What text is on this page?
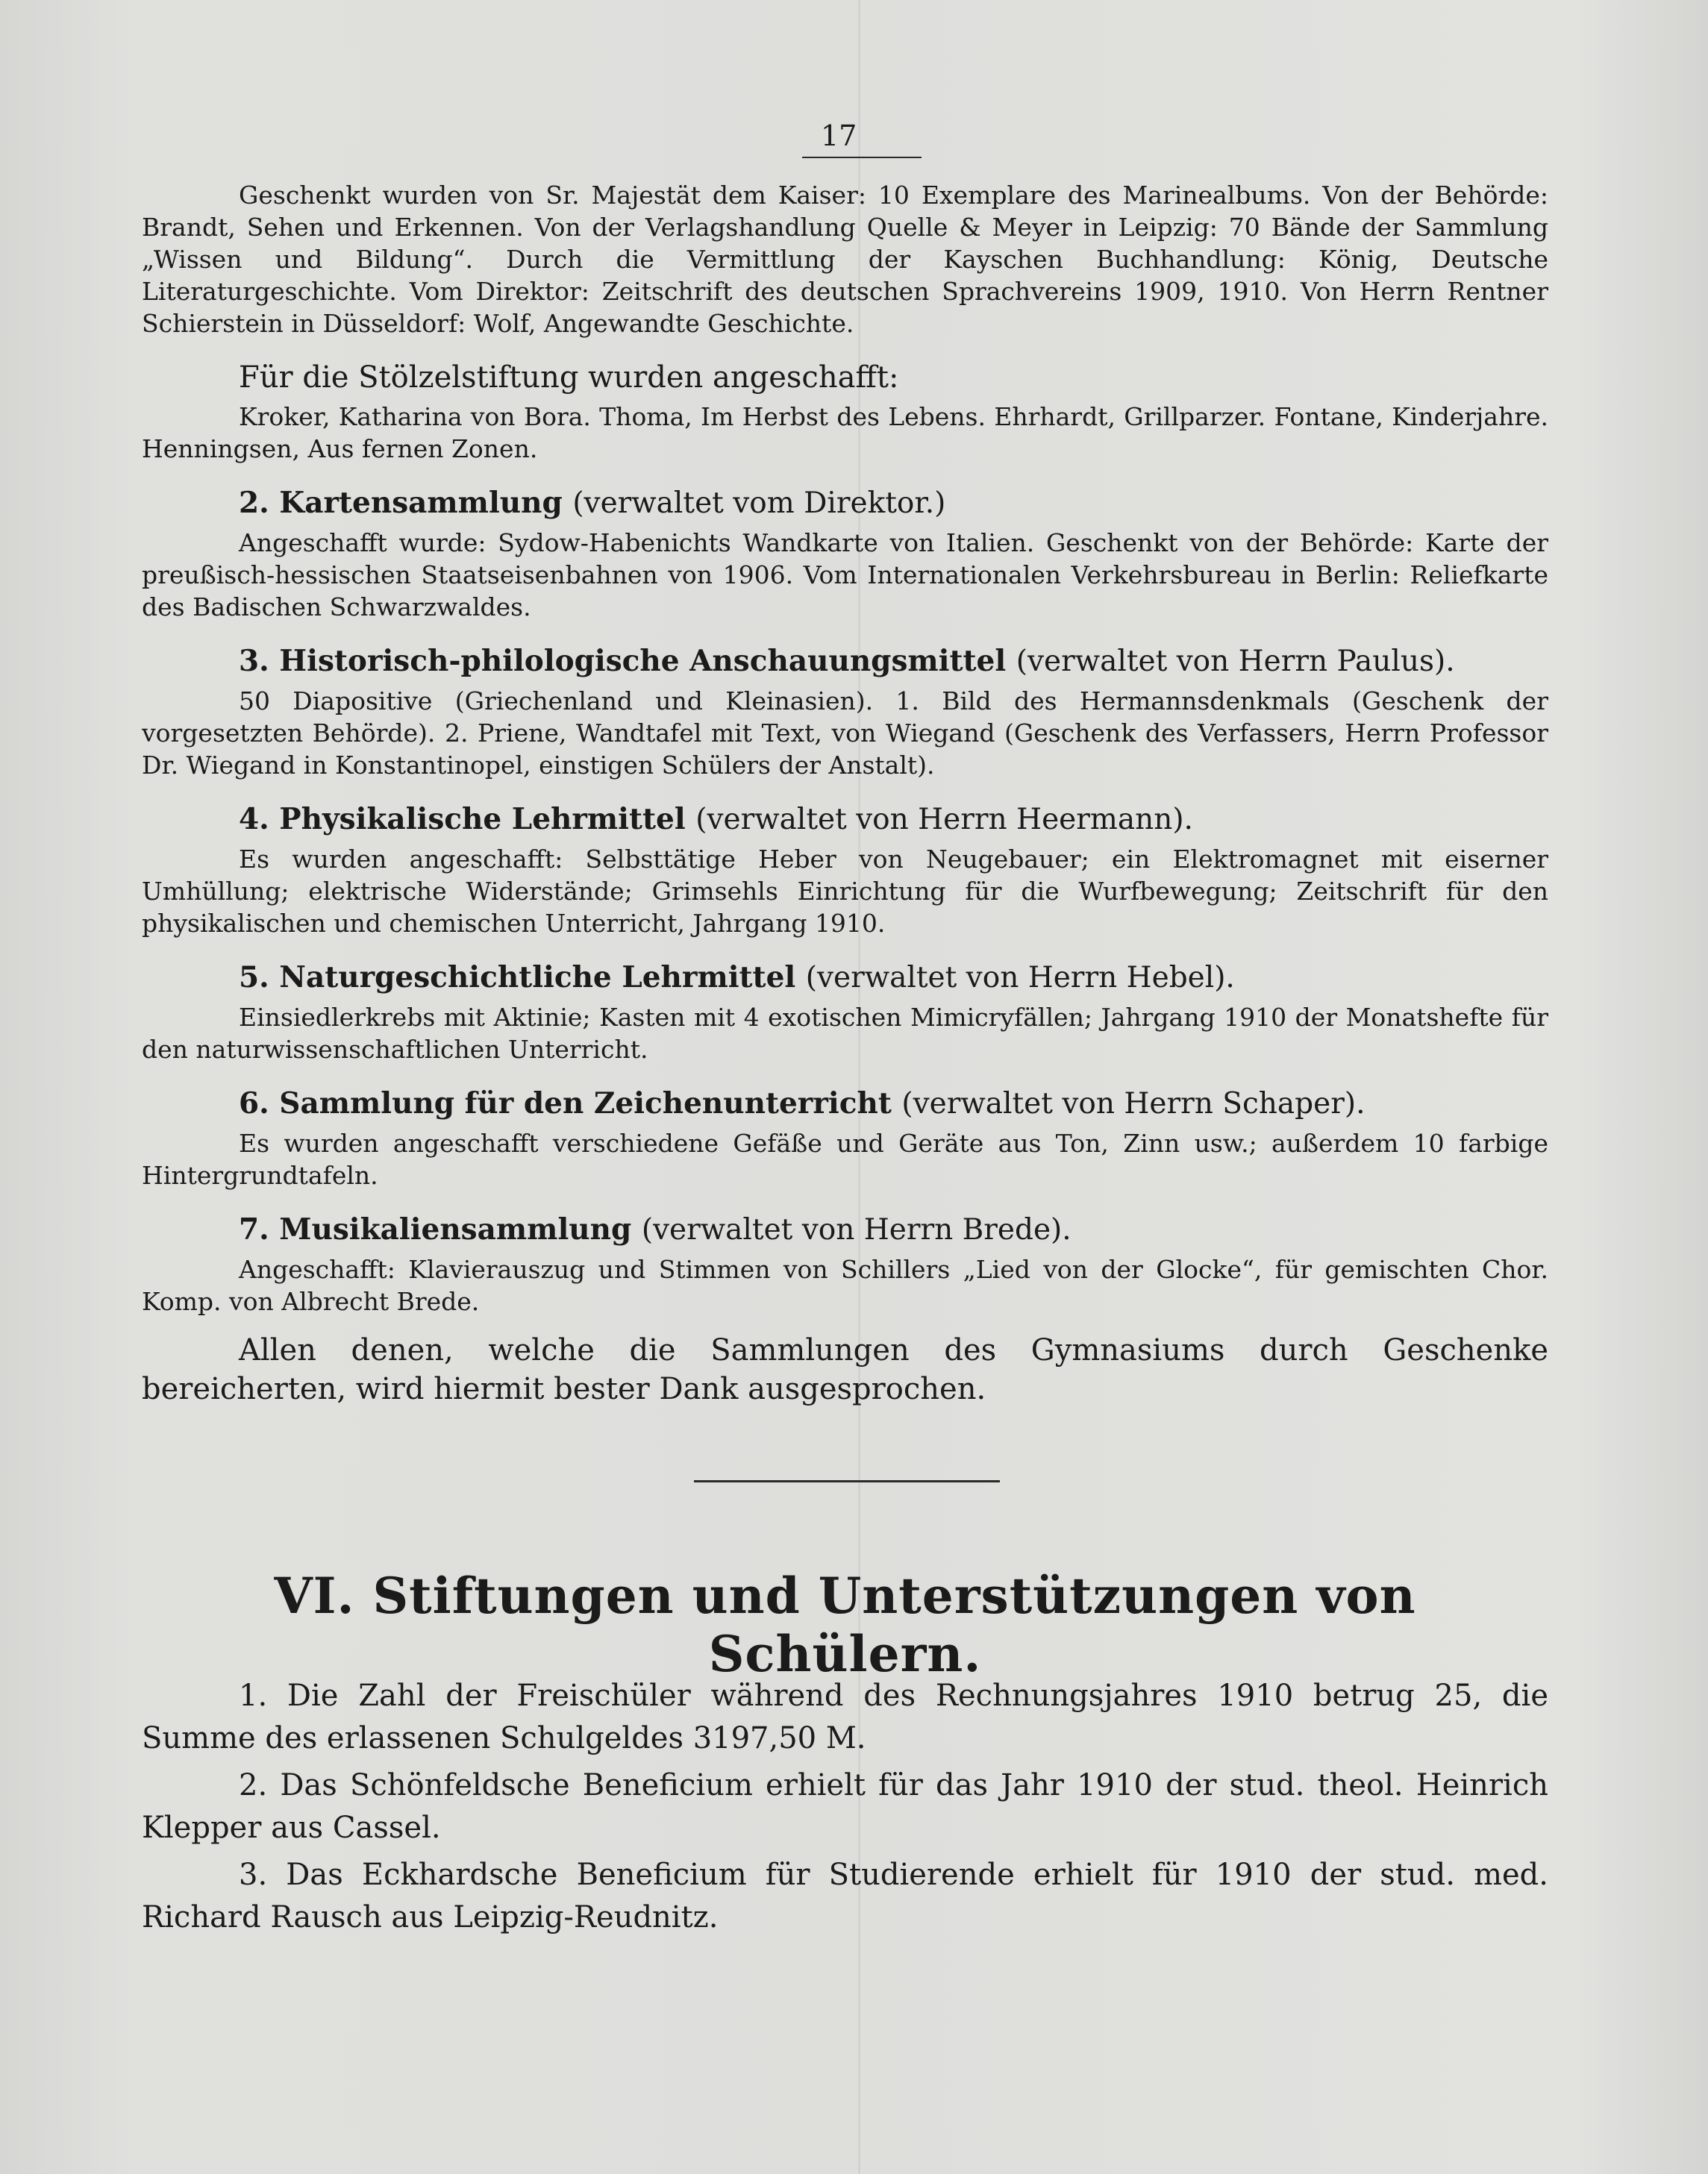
17

Geschenkt wurden von Sr. Majestät dem Kaiser: 10 Exemplare des Marinealbums. Von der Behörde: Brandt, Sehen und Erkennen. Von der Verlagshandlung Quelle & Meyer in Leipzig: 70 Bände der Sammlung „Wissen und Bildung“. Durch die Vermittlung der Kayschen Buchhandlung: König, Deutsche Literaturgeschichte. Vom Direktor: Zeitschrift des deutschen Sprachvereins 1909, 1910. Von Herrn Rentner Schierstein in Düsseldorf: Wolf, Angewandte Geschichte.

Für die Stölzelstiftung wurden angeschafft:

Kroker, Katharina von Bora. Thoma, Im Herbst des Lebens. Ehrhardt, Grillparzer. Fontane, Kinderjahre. Henningsen, Aus fernen Zonen.

2. Kartensammlung (verwaltet vom Direktor.)

Angeschafft wurde: Sydow-Habenichts Wandkarte von Italien. Geschenkt von der Behörde: Karte der preußisch-hessischen Staatseisenbahnen von 1906. Vom Internationalen Verkehrsbureau in Berlin: Reliefkarte des Badischen Schwarzwaldes.

3. Historisch-philologische Anschauungsmittel (verwaltet von Herrn Paulus).

50 Diapositive (Griechenland und Kleinasien). 1. Bild des Hermannsdenkmals (Geschenk der vorgesetzten Behörde). 2. Priene, Wandtafel mit Text, von Wiegand (Geschenk des Verfassers, Herrn Professor Dr. Wiegand in Konstantinopel, einstigen Schülers der Anstalt).

4. Physikalische Lehrmittel (verwaltet von Herrn Heermann).

Es wurden angeschafft: Selbsttätige Heber von Neugebauer; ein Elektromagnet mit eiserner Umhüllung; elektrische Widerstände; Grimsehls Einrichtung für die Wurfbewegung; Zeitschrift für den physikalischen und chemischen Unterricht, Jahrgang 1910.

5. Naturgeschichtliche Lehrmittel (verwaltet von Herrn Hebel).

Einsiedlerkrebs mit Aktinie; Kasten mit 4 exotischen Mimicryfällen; Jahrgang 1910 der Monatshefte für den naturwissenschaftlichen Unterricht.

6. Sammlung für den Zeichenunterricht (verwaltet von Herrn Schaper).

Es wurden angeschafft verschiedene Gefäße und Geräte aus Ton, Zinn usw.; außerdem 10 farbige Hintergrundtafeln.

7. Musikaliensammlung (verwaltet von Herrn Brede).

Angeschafft: Klavierauszug und Stimmen von Schillers „Lied von der Glocke“, für gemischten Chor. Komp. von Albrecht Brede.

Allen denen, welche die Sammlungen des Gymnasiums durch Geschenke bereicherten, wird hiermit bester Dank ausgesprochen.

VI. Stiftungen und Unterstützungen von Schülern.

1. Die Zahl der Freischüler während des Rechnungsjahres 1910 betrug 25, die Summe des erlassenen Schulgeldes 3197,50 M.

2. Das Schönfeldsche Beneficium erhielt für das Jahr 1910 der stud. theol. Heinrich Klepper aus Cassel.

3. Das Eckhardsche Beneficium für Studierende erhielt für 1910 der stud. med. Richard Rausch aus Leipzig-Reudnitz.
